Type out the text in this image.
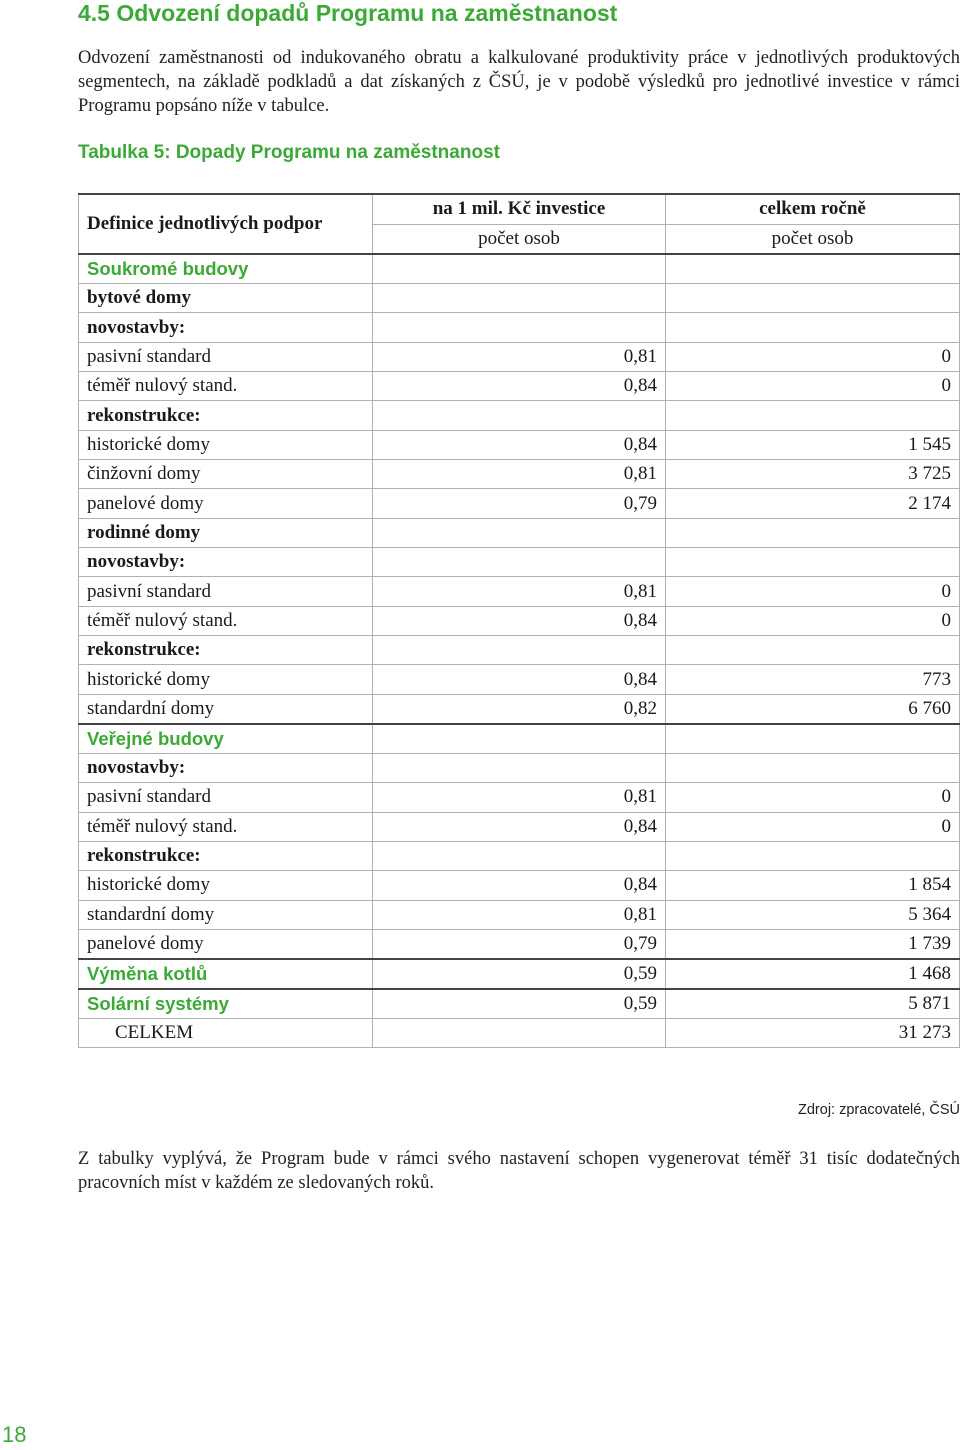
4.5 Odvození dopadů Programu na zaměstnanost
Odvození zaměstnanosti od indukovaného obratu a kalkulované produktivity práce v jednotlivých produktových segmentech, na základě podkladů a dat získaných z ČSÚ, je v podobě výsledků pro jednotlivé investice v rámci Programu popsáno níže v tabulce.
Tabulka 5: Dopady Programu na zaměstnanost
Definice jednotlivých podpor	na 1 mil. Kč investice	celkem ročně
	počet osob	počet osob
Soukromé budovy		
bytové domy		
novostavby:		
pasivní standard	0,81	0
téměř nulový stand.	0,84	0
rekonstrukce:		
historické domy	0,84	1 545
činžovní domy	0,81	3 725
panelové domy	0,79	2 174
rodinné domy		
novostavby:		
pasivní standard	0,81	0
téměř nulový stand.	0,84	0
rekonstrukce:		
historické domy	0,84	773
standardní domy	0,82	6 760
Veřejné budovy		
novostavby:		
pasivní standard	0,81	0
téměř nulový stand.	0,84	0
rekonstrukce:		
historické domy	0,84	1 854
standardní domy	0,81	5 364
panelové domy	0,79	1 739
Výměna kotlů	0,59	1 468
Solární systémy	0,59	5 871
CELKEM		31 273
Zdroj: zpracovatelé, ČSÚ
Z tabulky vyplývá, že Program bude v rámci svého nastavení schopen vygenerovat téměř 31 tisíc dodatečných pracovních míst v každém ze sledovaných roků.
18
